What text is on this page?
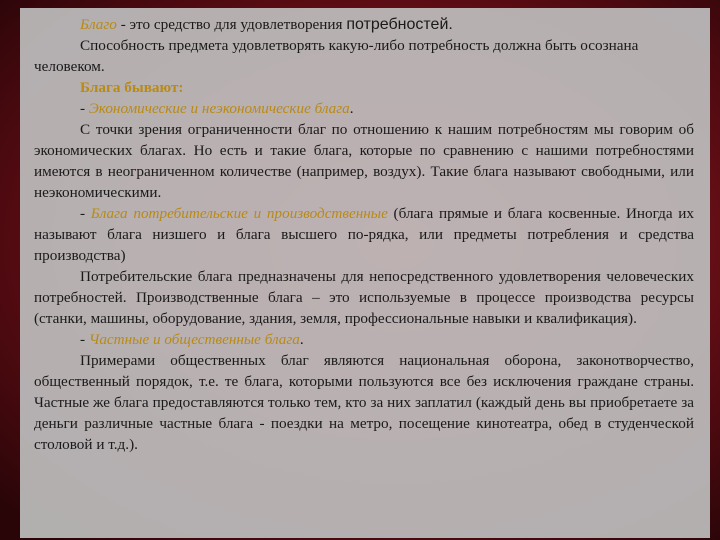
Благо - это средство для удовлетворения потребностей.

Способность предмета удовлетворять какую-либо потребность должна быть осознана человеком.

Блага бывают:

- Экономические и неэкономические блага.

С точки зрения ограниченности благ по отношению к нашим потребностям мы говорим об экономических благах. Но есть и такие блага, которые по сравнению с нашими потребностями имеются в неограниченном количестве (например, воздух). Такие блага называют свободными, или неэкономическими.

- Блага потребительские и производственные (блага прямые и блага косвенные. Иногда их называют блага низшего и блага высшего по-рядка, или предметы потребления и средства производства)

Потребительские блага предназначены для непосредственного удовлетворения человеческих потребностей. Производственные блага – это используемые в процессе производства ресурсы (станки, машины, оборудование, здания, земля, профессиональные навыки и квалификация).

- Частные и общественные блага.

Примерами общественных благ являются национальная оборона, законотворчество, общественный порядок, т.е. те блага, которыми пользуются все без исключения граждане страны. Частные же блага предоставляются только тем, кто за них заплатил (каждый день вы приобретаете за деньги различные частные блага - поездки на метро, посещение кинотеатра, обед в студенческой столовой и т.д.).
